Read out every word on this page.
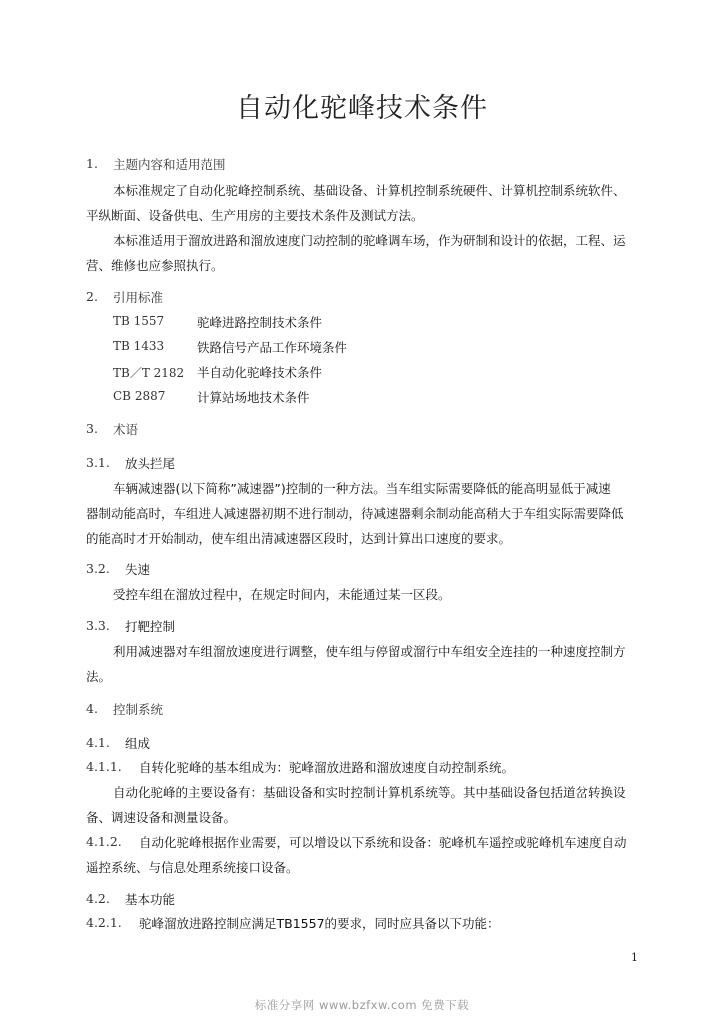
自动化驼峰技术条件
1. 主题内容和适用范围
本标准规定了自动化驼峰控制系统、基础设备、计算机控制系统硬件、计算机控制系统软件、
平纵断面、设备供电、生产用房的主要技术条件及测试方法。
本标准适用于溜放进路和溜放速度门动控制的驼峰调车场，作为研制和设计的依据，工程、运
营、维修也应参照执行。
2. 引用标准
TB 1557	驼峰进路控制技术条件
TB 1433	铁路信号产品工作环境条件
TB／T 2182 半自动化驼峰技术条件
CB 2887	计算站场地技术条件
3. 术语
3.1. 放头拦尾
车辆减速器(以下简称”减速器”)控制的一种方法。当车组实际需要降低的能高明显低于减速
器制动能高时，车组进人减速器初期不进行制动，待减速器剩余制动能高稍大于车组实际需要降低
的能高时才开始制动，使车组出清减速器区段时，达到计算出口速度的要求。
3.2. 失速
受控车组在溜放过程中，在规定时间内，未能通过某一区段。
3.3. 打靶控制
利用减速器对车组溜放速度进行调整，使车组与停留或溜行中车组安全连挂的一种速度控制方
法。
4. 控制系统
4.1. 组成
4.1.1. 自转化驼峰的基本组成为：驼峰溜放进路和溜放速度自动控制系统。
自动化驼峰的主要设备有：基础设备和实时控制计算机系统等。其中基础设备包括道岔转换设
备、调速设备和测量设备。
4.1.2. 自动化驼峰根据作业需要，可以增设以下系统和设备：驼峰机车遥控或驼峰机车速度自动
遥控系统、与信息处理系统接口设备。
4.2. 基本功能
4.2.1. 驼峰溜放进路控制应满足TB1557的要求，同时应具备以下功能：
1
标准分享网 www.bzfxw.com 免费下载
